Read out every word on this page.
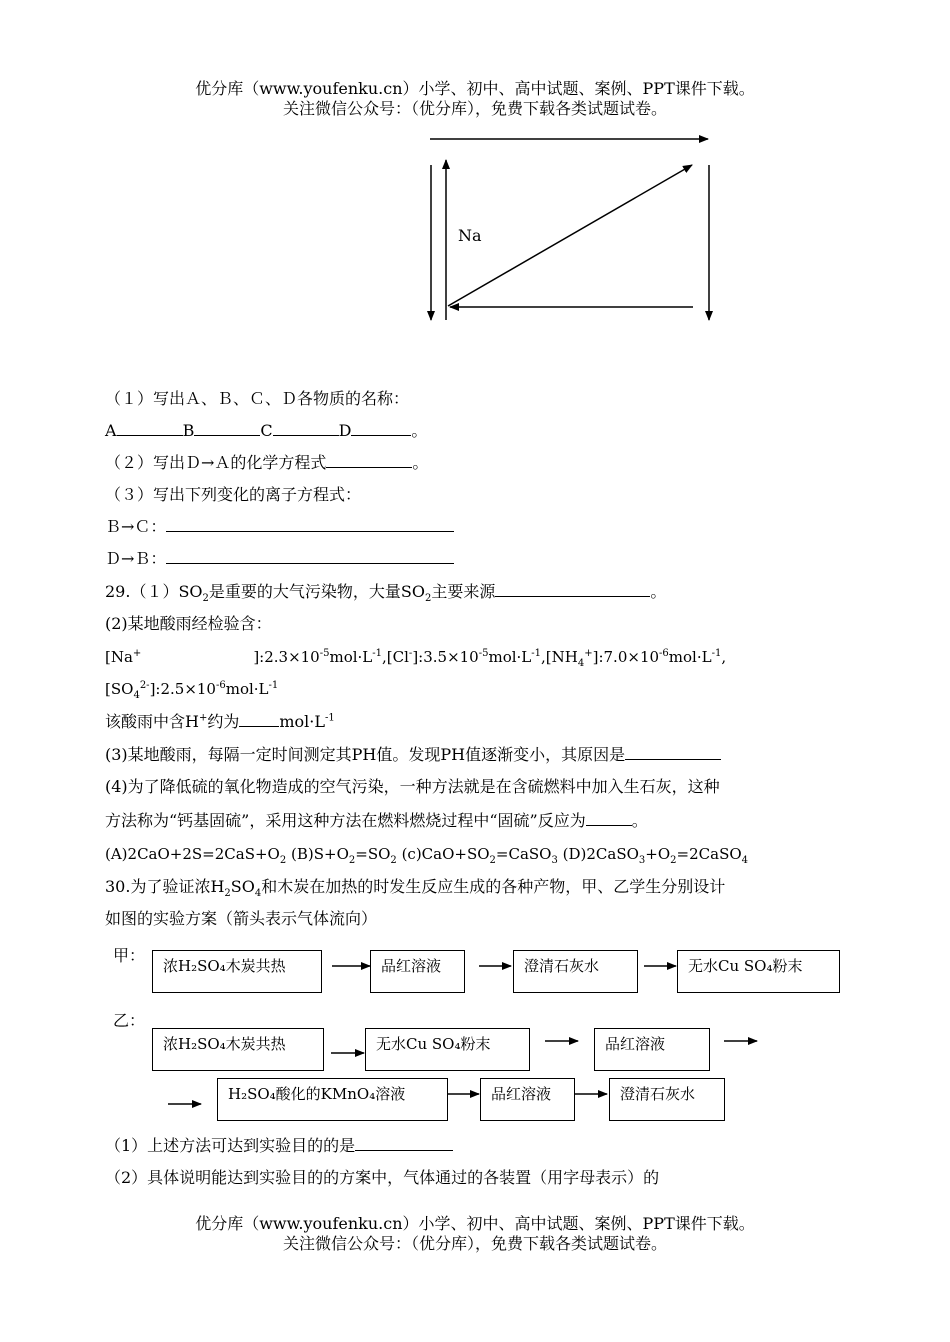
优分库（www.youfenku.cn）小学、初中、高中试题、案例、PPT课件下载。
关注微信公众号：（优分库），免费下载各类试题试卷。
Na
（１）写出Ａ、Ｂ、Ｃ、Ｄ各物质的名称：
A	B	C	D	。
（２）写出Ｄ→Ａ的化学方程式	。
（３）写出下列变化的离子方程式：
Ｂ→Ｃ：
Ｄ→Ｂ：
$29.(1)SO_2$是重要的大气污染物，大量$SO_2$主要来源	。
(2)某地酸雨经检验含：
[Na+	]$:2.3\times 10^{-5}mol\cdot L^{-1},[Cl^-]:3.5\times 10^{-5}mol\cdot L^{-1},[NH_4^+]:7.0\times 10^{-6}mol\cdot L^{-1}$,
$[SO_4^{2-}]:2.5\times 10^{-6}mol\cdot L^{-1}$
该酸雨中含H+约为	$mol\cdot L^{-1}$
(3)某地酸雨，每隔一定时间测定其PH值。发现PH值逐渐变小，其原因是
(4)为了降低硫的氧化物造成的空气污染，一种方法就是在含硫燃料中加入生石灰，这种
方法称为“钙基固硫”，采用这种方法在燃料燃烧过程中“固硫”反应为	。
$(A)2CaO+2S=2CaS+O_2$ $(B)S+O_2=SO_2$ $(c)CaO+SO_2=CaSO_3$ $(D)2CaSO_3+O_2=2CaSO_4$
30.为了验证浓$H_2SO_4$和木炭在加热的时发生反应生成的各种产物，甲、乙学生分别设计
如图的实验方案（箭头表示气体流向）
甲：
浓H₂SO₄木炭共热	品红溶液	澄清石灰水	无水Cu SO₄粉末
乙：
浓H₂SO₄木炭共热	无水Cu SO₄粉末	品红溶液
H₂SO₄酸化的KMnO₄溶液	品红溶液	澄清石灰水
（1）上述方法可达到实验目的的是
（2）具体说明能达到实验目的的方案中，气体通过的各装置（用字母表示）的
优分库（www.youfenku.cn）小学、初中、高中试题、案例、PPT课件下载。
关注微信公众号：（优分库），免费下载各类试题试卷。
